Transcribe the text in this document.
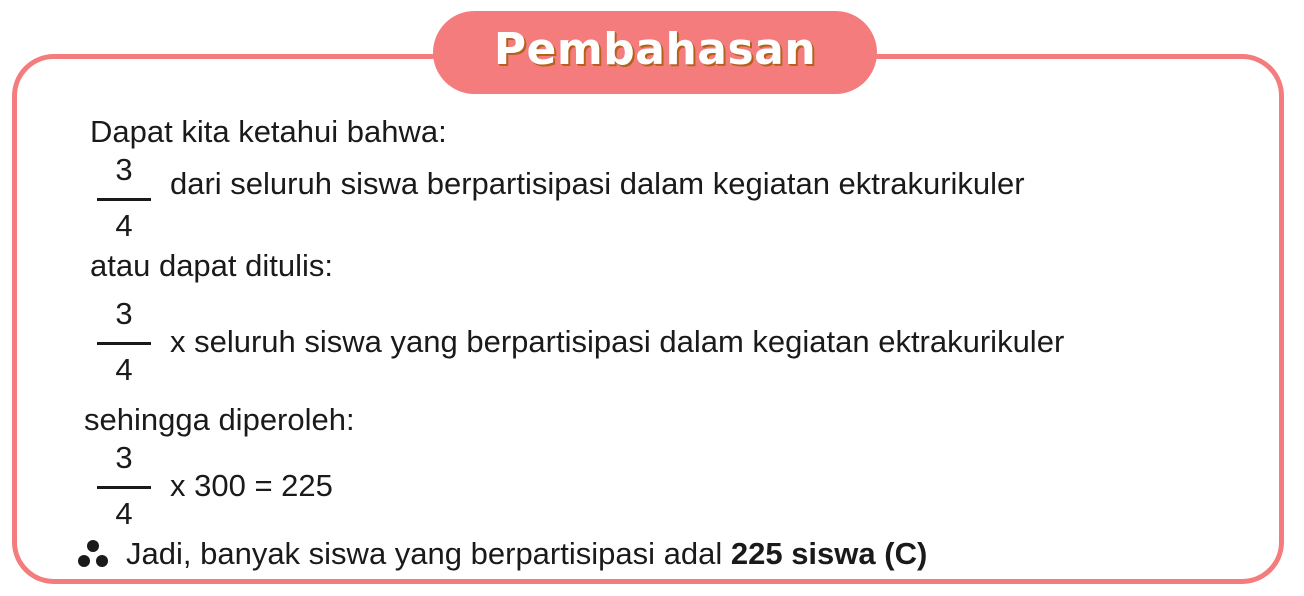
Pembahasan
Dapat kita ketahui bahwa:
3
4
dari seluruh siswa berpartisipasi dalam kegiatan ektrakurikuler
atau dapat ditulis:
3
4
x seluruh siswa yang berpartisipasi dalam kegiatan ektrakurikuler
sehingga diperoleh:
3
4
x 300 = 225
Jadi, banyak siswa yang berpartisipasi adal 225 siswa (C)
